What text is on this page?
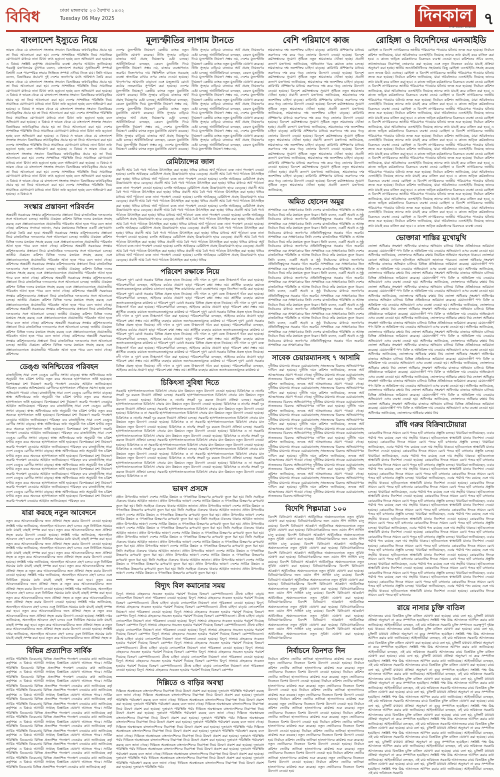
বিবিধ	ঢাকা মঙ্গলবার ২৩ বৈশাখ ১৪৩২
Tuesday 06 May 2025	দিনকাল
THE DAILY DINKAL ৭
বাংলাদেশ ইস্যুতে নিয়ে
ভারত থেকে যে বাংলাদেশ সংক্রান্ত সংবাদে বিভ্রান্তিকর তথ্যবিকৃতির প্রচার হয় তা নিয়ে আলোচনা করা হয়। দেশের সাম্প্রতিক পরিস্থিতি নিয়ে সামাজিক যোগাযোগ মাধ্যমে নানা মিথ্যা তথ্য ছড়ানো হচ্ছে বলে অভিযোগ করা হয়েছে। এ বিষয়ে সংশ্লিষ্ট কর্তৃপক্ষ প্রয়োজনীয় ব্যবস্থা গ্রহণের আহ্বান জানিয়েছে। পররাষ্ট্র মন্ত্রণালয়ের মুখপাত্র বলেন, বাংলাদেশ সবসময় সুপ্রতিবেশী সম্পর্কে বিশ্বাসী এবং পারস্পরিক শ্রদ্ধার ভিত্তিতে সম্পর্ক এগিয়ে নিতে চায়। তিনি আরও বলেন, বিভ্রান্তিকর প্রচারণা দুই দেশের জনগণের মধ্যে অবিশ্বাস তৈরি করে। ভারত থেকে যে বাংলাদেশ সংক্রান্ত সংবাদে বিভ্রান্তিকর তথ্যবিকৃতির প্রচার হয় তা নিয়ে আলোচনা করা হয়। দেশের সাম্প্রতিক পরিস্থিতি নিয়ে সামাজিক যোগাযোগ মাধ্যমে নানা মিথ্যা তথ্য ছড়ানো হচ্ছে বলে অভিযোগ করা হয়েছে। এ বিষয়ে স ভারত থেকে যে বাংলাদেশ সংক্রান্ত সংবাদে বিভ্রান্তিকর তথ্যবিকৃতির প্রচার হয় তা নিয়ে আলোচনা করা হয়। দেশের সাম্প্রতিক পরিস্থিতি নিয়ে সামাজিক যোগাযোগ মাধ্যমে নানা মিথ্যা তথ্য ছড়ানো হচ্ছে বলে অভিযোগ করা হয়েছে। এ বিষয়ে স ভারত থেকে যে বাংলাদেশ সংক্রান্ত সংবাদে বিভ্রান্তিকর তথ্যবিকৃতির প্রচার হয় তা নিয়ে আলোচনা করা হয়। দেশের সাম্প্রতিক পরিস্থিতি নিয়ে সামাজিক যোগাযোগ মাধ্যমে নানা মিথ্যা তথ্য ছড়ানো হচ্ছে বলে অভিযোগ করা হয়েছে। এ বিষয়ে স ভারত থেকে যে বাংলাদেশ সংক্রান্ত সংবাদে বিভ্রান্তিকর তথ্যবিকৃতির প্রচার হয় তা নিয়ে আলোচনা করা হয়। দেশের সাম্প্রতিক পরিস্থিতি নিয়ে সামাজিক যোগাযোগ মাধ্যমে নানা মিথ্যা তথ্য ছড়ানো হচ্ছে বলে অভিযোগ করা হয়েছে। এ বিষয়ে স ভারত থেকে যে বাংলাদেশ সংক্রান্ত সংবাদে বিভ্রান্তিকর তথ্যবিকৃতির প্রচার হয় তা নিয়ে আলোচনা করা হয়। দেশের সাম্প্রতিক পরিস্থিতি নিয়ে সামাজিক যোগাযোগ মাধ্যমে নানা মিথ্যা তথ্য ছড়ানো হচ্ছে বলে অভিযোগ করা হয়েছে। এ বিষয়ে স ভারত থেকে যে বাংলাদেশ সংক্রান্ত সংবাদে বিভ্রান্তিকর তথ্যবিকৃতির প্রচার হয় তা নিয়ে আলোচনা করা হয়। দেশের সাম্প্রতিক পরিস্থিতি নিয়ে সামাজিক যোগাযোগ মাধ্যমে নানা মিথ্যা তথ্য ছড়ানো হচ্ছে বলে অভিযোগ করা হয়েছে। এ বিষয়ে স ভারত থেকে যে বাংলাদেশ সংক্রান্ত সংবাদে বিভ্রান্তিকর তথ্যবিকৃতির প্রচার হয় তা নিয়ে আলোচনা করা হয়। দেশের সাম্প্রতিক পরিস্থিতি নিয়ে সামাজিক যোগাযোগ মাধ্যমে নানা মিথ্যা তথ্য ছড়ানো হচ্ছে বলে অভিযোগ করা হয়েছে। এ বিষয়ে স ভারত থেকে যে বাংলাদেশ সংক্রান্ত সংবাদে বিভ্রান্তিকর তথ্যবিকৃতির প্রচার হয় তা নিয়ে আলোচনা করা হয়। দেশের সাম্প্রতিক পরিস্থিতি নিয়ে সামাজিক যোগাযোগ মাধ্যমে নানা মিথ্যা তথ্য ছড়ানো হচ্ছে বলে অভিযোগ করা হয়েছে। এ বিষয়ে স
সংস্কার প্রস্তাবনা পরিবর্তন
অন্তর্বর্তী সরকারের সংস্কার কমিশনগুলোর প্রস্তাবনা নিয়ে রাজনৈতিক দলগুলোর সঙ্গে আলোচনা চলছে। জাতীয় ঐকমত্য কমিশন বিভিন্ন দলের মতামত সংগ্রহ করছে এবং প্রস্তাবনাগুলোতে প্রয়োজনীয় পরিবর্তন আনা হতে পারে বলে জানা গেছে। কমিশনের সদস্যরা জানান, সবার মতামতের ভিত্তিতে একটি গ্রহণযোগ্য কাঠামো তৈরি করা হবে। অন্তর্বর্তী সরকারের সংস্কার কমিশনগুলোর প্রস্তাবনা নিয়ে রাজনৈতিক দলগুলোর সঙ্গে আলোচনা চলছে। জাতীয় ঐকমত্য কমিশন বিভিন্ন দলের মতামত সংগ্রহ করছে এবং প্রস্তাবনাগুলোতে প্রয়োজনীয় পরিবর্তন আনা হতে পারে বলে জানা গেছে। কমিশনের অন্তর্বর্তী সরকারের সংস্কার কমিশনগুলোর প্রস্তাবনা নিয়ে রাজনৈতিক দলগুলোর সঙ্গে আলোচনা চলছে। জাতীয় ঐকমত্য কমিশন বিভিন্ন দলের মতামত সংগ্রহ করছে এবং প্রস্তাবনাগুলোতে প্রয়োজনীয় পরিবর্তন আনা হতে পারে বলে জানা গেছে। কমিশনের অন্তর্বর্তী সরকারের সংস্কার কমিশনগুলোর প্রস্তাবনা নিয়ে রাজনৈতিক দলগুলোর সঙ্গে আলোচনা চলছে। জাতীয় ঐকমত্য কমিশন বিভিন্ন দলের মতামত সংগ্রহ করছে এবং প্রস্তাবনাগুলোতে প্রয়োজনীয় পরিবর্তন আনা হতে পারে বলে জানা গেছে। কমিশনের অন্তর্বর্তী সরকারের সংস্কার কমিশনগুলোর প্রস্তাবনা নিয়ে রাজনৈতিক দলগুলোর সঙ্গে আলোচনা চলছে। জাতীয় ঐকমত্য কমিশন বিভিন্ন দলের মতামত সংগ্রহ করছে এবং প্রস্তাবনাগুলোতে প্রয়োজনীয় পরিবর্তন আনা হতে পারে বলে জানা গেছে। কমিশনের অন্তর্বর্তী সরকারের সংস্কার কমিশনগুলোর প্রস্তাবনা নিয়ে রাজনৈতিক দলগুলোর সঙ্গে আলোচনা চলছে। জাতীয় ঐকমত্য কমিশন বিভিন্ন দলের মতামত সংগ্রহ করছে এবং প্রস্তাবনাগুলোতে প্রয়োজনীয় পরিবর্তন আনা হতে পারে বলে জানা গেছে। কমিশনের অন্তর্বর্তী সরকারের সংস্কার কমিশনগুলোর প্রস্তাবনা নিয়ে রাজনৈতিক দলগুলোর সঙ্গে আলোচনা চলছে। জাতীয় ঐকমত্য কমিশন বিভিন্ন দলের মতামত সংগ্রহ করছে এবং প্রস্তাবনাগুলোতে প্রয়োজনীয় পরিবর্তন আনা হতে পারে বলে জানা গেছে। কমিশনের অন্তর্বর্তী সরকারের সংস্কার কমিশনগুলোর প্রস্তাবনা নিয়ে রাজনৈতিক দলগুলোর সঙ্গে আলোচনা চলছে। জাতীয় ঐকমত্য কমিশন বিভিন্ন দলের মতামত সংগ্রহ করছে এবং প্রস্তাবনাগুলোতে প্রয়োজনীয় পরিবর্তন আনা হতে পারে বলে জানা গেছে। কমিশনের অন্তর্বর্তী সরকারের সংস্কার কমিশনগুলোর প্রস্তাবনা নিয়ে রাজনৈতিক দলগুলোর সঙ্গে আলোচনা চলছে। জাতীয় ঐকমত্য কমিশন বিভিন্ন দলের মতামত সংগ্রহ করছে এবং প্রস্তাবনাগুলোতে প্রয়োজনীয় পরিবর্তন আনা হতে পারে বলে জানা গেছে। কমিশনের
ডেঙ্গু অনিশ্চিতের পরিবহন
রাজধানীসহ সারা দেশে ডেঙ্গু রোগীর সংখ্যা বাড়ছে। স্বাস্থ্য অধিদপ্তরের তথ্য অনুযায়ী গত চব্বিশ ঘণ্টায় নতুন করে অনেকে হাসপাতালে ভর্তি হয়েছেন। বিশেষজ্ঞরা মশা নিয়ন্ত্রণে জরুরি পদক্ষেপ নেওয়ার আহ্বান জানিয়েছেন। পরিবহন ব্যবস্থার অনিশ্চয়তায় রোগীদের হাসপাতালে পৌঁছাতে সমস্যা হচ্ছে বলে অভিযোগ পাওয়া গেছে। রাজধানীসহ সারা দেশে ডেঙ্গু রোগীর সংখ্যা বাড়ছে। স্বাস্থ্য অধিদপ্তরের তথ্য অনুযায়ী গত চব্বিশ ঘণ্টায় নতুন করে অনেকে হাসপাতালে ভর্তি হয়েছেন। বিশেষজ্ঞরা মশা নিয়ন্ত্রণে জরুরি পদক্ষেপ নেওয়ার আহ্বান জানিয়েছেন। পরিবহন ব্যব রাজধানীসহ সারা দেশে ডেঙ্গু রোগীর সংখ্যা বাড়ছে। স্বাস্থ্য অধিদপ্তরের তথ্য অনুযায়ী গত চব্বিশ ঘণ্টায় নতুন করে অনেকে হাসপাতালে ভর্তি হয়েছেন। বিশেষজ্ঞরা মশা নিয়ন্ত্রণে জরুরি পদক্ষেপ নেওয়ার আহ্বান জানিয়েছেন। পরিবহন ব্যব রাজধানীসহ সারা দেশে ডেঙ্গু রোগীর সংখ্যা বাড়ছে। স্বাস্থ্য অধিদপ্তরের তথ্য অনুযায়ী গত চব্বিশ ঘণ্টায় নতুন করে অনেকে হাসপাতালে ভর্তি হয়েছেন। বিশেষজ্ঞরা মশা নিয়ন্ত্রণে জরুরি পদক্ষেপ নেওয়ার আহ্বান জানিয়েছেন। পরিবহন ব্যব রাজধানীসহ সারা দেশে ডেঙ্গু রোগীর সংখ্যা বাড়ছে। স্বাস্থ্য অধিদপ্তরের তথ্য অনুযায়ী গত চব্বিশ ঘণ্টায় নতুন করে অনেকে হাসপাতালে ভর্তি হয়েছেন। বিশেষজ্ঞরা মশা নিয়ন্ত্রণে জরুরি পদক্ষেপ নেওয়ার আহ্বান জানিয়েছেন। পরিবহন ব্যব রাজধানীসহ সারা দেশে ডেঙ্গু রোগীর সংখ্যা বাড়ছে। স্বাস্থ্য অধিদপ্তরের তথ্য অনুযায়ী গত চব্বিশ ঘণ্টায় নতুন করে অনেকে হাসপাতালে ভর্তি হয়েছেন। বিশেষজ্ঞরা মশা নিয়ন্ত্রণে জরুরি পদক্ষেপ নেওয়ার আহ্বান জানিয়েছেন। পরিবহন ব্যব রাজধানীসহ সারা দেশে ডেঙ্গু রোগীর সংখ্যা বাড়ছে। স্বাস্থ্য অধিদপ্তরের তথ্য অনুযায়ী গত চব্বিশ ঘণ্টায় নতুন করে অনেকে হাসপাতালে ভর্তি হয়েছেন। বিশেষজ্ঞরা মশা নিয়ন্ত্রণে জরুরি পদক্ষেপ নেওয়ার আহ্বান জানিয়েছেন। পরিবহন ব্যব রাজধানীসহ সারা দেশে ডেঙ্গু রোগীর সংখ্যা বাড়ছে। স্বাস্থ্য অধিদপ্তরের তথ্য অনুযায়ী গত চব্বিশ ঘণ্টায় নতুন করে অনেকে হাসপাতালে ভর্তি হয়েছেন। বিশেষজ্ঞরা মশা নিয়ন্ত্রণে জরুরি পদক্ষেপ নেওয়ার আহ্বান জানিয়েছেন। পরিবহন ব্যব রাজধানীসহ সারা দেশে ডেঙ্গু রোগীর সংখ্যা বাড়ছে। স্বাস্থ্য অধিদপ্তরের তথ্য অনুযায়ী গত চব্বিশ ঘণ্টায় নতুন করে অনেকে হাসপাতালে ভর্তি হয়েছেন। বিশেষজ্ঞরা মশা নিয়ন্ত্রণে জরুরি পদক্ষেপ নেওয়ার আহ্বান জানিয়েছেন। পরিবহন ব্যব
যারা করছে নতুন আবেদনে
নতুন করে আবেদনকারীদের জন্য প্রক্রিয়া সহজ করার উদ্যোগ নেওয়া হয়েছে। সংশ্লিষ্ট দপ্তর জানিয়েছে, অনলাইনে আবেদন গ্রহণ চলবে এবং নির্ধারিত সময়ের মধ্যে যাচাই বাছাই সম্পন্ন করা হবে। নতুন করে আবেদনকারীদের জন্য প্রক্রিয়া সহজ করার উদ্যোগ নেওয়া হয়েছে। সংশ্লিষ্ট দপ্তর জানিয়েছে, অনলাইনে আবেদন গ্রহণ চলবে এবং নির্ধারিত সময়ের মধ্যে যাচাই বাছাই সম্পন্ন করা হবে। নতুন করে আবেদনকারীদের জন্য প্রক্রিয়া সহজ করার উদ্যোগ নেওয়া হয়েছে। সংশ্লিষ্ট দপ্তর জানিয়েছে, অনলাইনে আবেদন গ্রহণ চলবে এবং নির্ধারিত সময়ের মধ্যে যাচাই বাছাই সম্পন্ন করা হবে। নতুন করে আবেদনকারীদের জন্য প্রক্রিয়া সহজ ক নতুন করে আবেদনকারীদের জন্য প্রক্রিয়া সহজ করার উদ্যোগ নেওয়া হয়েছে। সংশ্লিষ্ট দপ্তর জানিয়েছে, অনলাইনে আবেদন গ্রহণ চলবে এবং নির্ধারিত সময়ের মধ্যে যাচাই বাছাই সম্পন্ন করা হবে। নতুন করে আবেদনকারীদের জন্য প্রক্রিয়া সহজ ক নতুন করে আবেদনকারীদের জন্য প্রক্রিয়া সহজ করার উদ্যোগ নেওয়া হয়েছে। সংশ্লিষ্ট দপ্তর জানিয়েছে, অনলাইনে আবেদন গ্রহণ চলবে এবং নির্ধারিত সময়ের মধ্যে যাচাই বাছাই সম্পন্ন করা হবে। নতুন করে আবেদনকারীদের জন্য প্রক্রিয়া সহজ ক নতুন করে আবেদনকারীদের জন্য প্রক্রিয়া সহজ করার উদ্যোগ নেওয়া হয়েছে। সংশ্লিষ্ট দপ্তর জানিয়েছে, অনলাইনে আবেদন গ্রহণ চলবে এবং নির্ধারিত সময়ের মধ্যে যাচাই বাছাই সম্পন্ন করা হবে। নতুন করে আবেদনকারীদের জন্য প্রক্রিয়া সহজ ক নতুন করে আবেদনকারীদের জন্য প্রক্রিয়া সহজ করার উদ্যোগ নেওয়া হয়েছে। সংশ্লিষ্ট দপ্তর জানিয়েছে, অনলাইনে আবেদন গ্রহণ চলবে এবং নির্ধারিত সময়ের মধ্যে যাচাই বাছাই সম্পন্ন করা হবে। নতুন করে আবেদনকারীদের জন্য প্রক্রিয়া সহজ ক নতুন করে আবেদনকারীদের জন্য প্রক্রিয়া সহজ করার উদ্যোগ নেওয়া হয়েছে। সংশ্লিষ্ট দপ্তর জানিয়েছে, অনলাইনে আবেদন গ্রহণ চলবে এবং নির্ধারিত সময়ের মধ্যে যাচাই বাছাই সম্পন্ন করা হবে। নতুন করে আবেদনকারীদের জন্য প্রক্রিয়া সহজ ক নতুন করে আবেদনকারীদের জন্য প্রক্রিয়া সহজ করার উদ্যোগ নেওয়া হয়েছে। সংশ্লিষ্ট দপ্তর জানিয়েছে, অনলাইনে আবেদন গ্রহণ চলবে এবং নির্ধারিত সময়ের মধ্যে যাচাই বাছাই সম্পন্ন করা হবে। নতুন করে আবেদনকারীদের জন্য প্রক্রিয়া সহজ ক
বিভিন্ন প্রত্যাশিত সার্বিক
সার্বিক পরিস্থিতি বিবেচনায় বিভিন্ন প্রত্যাশিত পদক্ষেপ নেওয়ার কথা জানিয়েছে কর্তৃপক্ষ। এ বিষয়ে আগামী সপ্তাহে বিস্তারিত ঘোষণা আসতে পারে। সার্বিক পরিস্থিতি বিবেচনায় বিভিন্ন প্রত্যাশিত পদক্ষেপ নেওয়ার কথা জানিয়েছে কর্তৃপক্ষ। এ বিষয়ে আগামী সপ্তাহে বিস্তারিত ঘোষণা আসতে পারে। সার্বিক পরিস্থিতি বিবেচনায় বিভিন্ন প্রত্যাশিত পদক্ষেপ নেওয়ার কথা জানিয়েছে কর্তৃপক্ষ। এ বিষয়ে আগামী সপ্তাহে বিস্তারিত ঘোষণা আসতে পারে। সার্বিক পরিস্থিতি বিবেচনায় বিভিন্ন প্রত্যাশিত পদক্ষেপ নেওয়ার কথা জানিয়েছে কর্তৃ সার্বিক পরিস্থিতি বিবেচনায় বিভিন্ন প্রত্যাশিত পদক্ষেপ নেওয়ার কথা জানিয়েছে কর্তৃপক্ষ। এ বিষয়ে আগামী সপ্তাহে বিস্তারিত ঘোষণা আসতে পারে। সার্বিক পরিস্থিতি বিবেচনায় বিভিন্ন প্রত্যাশিত পদক্ষেপ নেওয়ার কথা জানিয়েছে কর্তৃ সার্বিক পরিস্থিতি বিবেচনায় বিভিন্ন প্রত্যাশিত পদক্ষেপ নেওয়ার কথা জানিয়েছে কর্তৃপক্ষ। এ বিষয়ে আগামী সপ্তাহে বিস্তারিত ঘোষণা আসতে পারে। সার্বিক পরিস্থিতি বিবেচনায় বিভিন্ন প্রত্যাশিত পদক্ষেপ নেওয়ার কথা জানিয়েছে কর্তৃ সার্বিক পরিস্থিতি বিবেচনায় বিভিন্ন প্রত্যাশিত পদক্ষেপ নেওয়ার কথা জানিয়েছে কর্তৃপক্ষ। এ বিষয়ে আগামী সপ্তাহে বিস্তারিত ঘোষণা আসতে পারে। সার্বিক পরিস্থিতি বিবেচনায় বিভিন্ন প্রত্যাশিত পদক্ষেপ নেওয়ার কথা জানিয়েছে কর্তৃ সার্বিক পরিস্থিতি বিবেচনায় বিভিন্ন প্রত্যাশিত পদক্ষেপ নেওয়ার কথা জানিয়েছে কর্তৃপক্ষ। এ বিষয়ে আগামী সপ্তাহে বিস্তারিত ঘোষণা আসতে পারে। সার্বিক পরিস্থিতি বিবেচনায় বিভিন্ন প্রত্যাশিত পদক্ষেপ নেওয়ার কথা জানিয়েছে কর্তৃ সার্বিক পরিস্থিতি বিবেচনায় বিভিন্ন প্রত্যাশিত পদক্ষেপ নেওয়ার কথা জানিয়েছে কর্তৃপক্ষ। এ বিষয়ে আগামী সপ্তাহে বিস্তারিত ঘোষণা আসতে পারে। সার্বিক পরিস্থিতি বিবেচনায় বিভিন্ন প্রত্যাশিত পদক্ষেপ নেওয়ার কথা জানিয়েছে কর্তৃ সার্বিক পরিস্থিতি বিবেচনায় বিভিন্ন প্রত্যাশিত পদক্ষেপ নেওয়ার কথা জানিয়েছে কর্তৃপক্ষ। এ বিষয়ে আগামী সপ্তাহে বিস্তারিত ঘোষণা আসতে পারে। সার্বিক পরিস্থিতি বিবেচনায় বিভিন্ন প্রত্যাশিত পদক্ষেপ নেওয়ার কথা জানিয়েছে কর্তৃ
মূল্যস্ফীতির লাগাম টানতে
দেশের মূল্যস্ফীতি নিয়ন্ত্রণে কেন্দ্রীয় ব্যাংক নতুন মুদ্রানীতি ঘোষণা করেছে। নীতি সুদহার বাড়িয়ে বাজারে অর্থ প্রবাহ নিয়ন্ত্রণের চেষ্টা চলছে। অর্থনীতিবিদরা বলছেন, কেবল মুদ্রানীতি দিয়ে মূল্যস্ফীতি নিয়ন্ত্রণ সম্ভব নয়, বাজার ব্যবস্থাপনাও জরুরি। নিত্যপণ্যের দাম স্থিতিশীল রাখতে সরবরাহ ব্যবস্থা স্বাভাবিক রাখার ওপর জোর দেওয়া হয়েছে। খাদ্যপণ্যের আমদানি বাড়ানো এবং মজুতদারি রোধে কঠোর নজরদারির সুপারিশ করা হয়েছে। দেশের মূল্যস্ফীতি নিয়ন্ত্রণে কেন্দ্রীয় ব্যাংক নতুন মুদ্রানীতি ঘোষণা করেছে। নীতি সুদহার বাড়িয়ে বাজারে অর্থ প্রবাহ নিয়ন্ত্রণের চেষ্টা চলছে। অর্থনীতিবিদরা বলছেন, কেবল মুদ্রানীতি দিয়ে মূল্যস্ফীতি নিয়ন্ত্রণ সম্ভব নয়, দেশের মূল্যস্ফীতি নিয়ন্ত্রণে কেন্দ্রীয় ব্যাংক নতুন মুদ্রানীতি ঘোষণা করেছে। নীতি সুদহার বাড়িয়ে বাজারে অর্থ প্রবাহ নিয়ন্ত্রণের চেষ্টা চলছে। অর্থনীতিবিদরা বলছেন, কেবল মুদ্রানীতি দিয়ে মূল্যস্ফীতি নিয়ন্ত্রণ সম্ভব নয়, দেশের মূল্যস্ফীতি নিয়ন্ত্রণে কেন্দ্রীয় ব্যাংক নতুন মুদ্রানীতি ঘোষণা করেছে। নীতি সুদহার বাড়িয়ে বাজারে অর্থ প্রবাহ নিয়ন্ত্রণের চেষ্টা চলছে। অর্থনীতিবিদরা বলছেন, কেবল মুদ্রানীতি দিয়ে মূল্যস্ফীতি নিয়ন্ত্রণ সম্ভব নয়, দেশের মূল্যস্ফীতি নিয়ন্ত্রণে কেন্দ্রীয় ব্যাংক নতুন মুদ্রানীতি ঘোষণা করেছে। নীতি সুদহার বাড়িয়ে বাজারে অর্থ প্রবাহ নিয়ন্ত্রণের চেষ্টা চলছে। অর্থনীতিবিদরা বলছেন, কেবল মুদ্রানীতি দিয়ে মূল্যস্ফীতি নিয়ন্ত্রণ সম্ভব নয়, দেশের মূল্যস্ফীতি নিয়ন্ত্রণে কেন্দ্রীয় ব্যাংক নতুন মুদ্রানীতি ঘোষণা করেছে। নীতি সুদহার বাড়িয়ে বাজারে অর্থ প্রবাহ নিয়ন্ত্রণের চেষ্টা চলছে। অর্থনীতিবিদরা বলছেন, কেবল মুদ্রানীতি দিয়ে মূল্যস্ফীতি নিয়ন্ত্রণ সম্ভব নয়, দেশের মূল্যস্ফীতি নিয়ন্ত্রণে কেন্দ্রীয় ব্যাংক নতুন মুদ্রানীতি ঘোষণা করেছে। নীতি সুদহার বাড়িয়ে বাজারে অর্থ প্রবাহ নিয়ন্ত্রণের চেষ্টা চলছে। অর্থনীতিবিদরা বলছেন, কেবল মুদ্রানীতি দিয়ে মূল্যস্ফীতি নিয়ন্ত্রণ সম্ভব নয়, দেশের মূল্যস্ফীতি নিয়ন্ত্রণে কেন্দ্রীয় ব্যাংক নতুন মুদ্রানীতি ঘোষণা করেছে। নীতি সুদহার বাড়িয়ে বাজারে অর্থ প্রবাহ নিয়ন্ত্রণের চেষ্টা চলছে। অর্থনীতিবিদরা বলছেন, কেবল মুদ্রানীতি দিয়ে মূল্যস্ফীতি নিয়ন্ত্রণ সম্ভব নয়, দেশের মূল্যস্ফীতি নিয়ন্ত্রণে কেন্দ্রীয় ব্যাংক নতুন মুদ্রানীতি ঘোষণা করেছে। নীতি সুদহার বাড়িয়ে বাজারে অর্থ প্রবাহ নিয়ন্ত্রণের চেষ্টা চলছে। অর্থনীতিবিদরা বলছেন, কেবল মুদ্রানীতি দিয়ে মূল্যস্ফীতি নিয়ন্ত্রণ সম্ভব নয়, দেশের মূল্যস্ফীতি নিয়ন্ত্রণে কেন্দ্রীয় ব্যাংক নতুন মুদ্রানীতি ঘোষণা করেছে। নীতি সুদহার বাড়িয়ে বাজারে অর্থ প্রবাহ নিয়ন্ত্রণের চেষ্টা চলছে। অর্থনীতিবিদরা বলছেন, কেবল মুদ্রানীতি দিয়ে মূল্যস্ফীতি নিয়ন্ত্রণ সম্ভব নয়,
রেমিট্যান্সের জাল
প্রবাসী আয় বৈধ পথে পাঠাতে উৎসাহিত করা হচ্ছে। হুন্ডির মাধ্যমে অর্থ পাঠানো বন্ধে নানা পদক্ষেপ নেওয়া হয়েছে। চলতি অর্থবছরে রেমিট্যান্স প্রবাহ উল্লেখযোগ্য হারে বেড়েছে। প্রবাসী আয় বৈধ পথে পাঠাতে উৎসাহিত করা হচ্ছে। হুন্ডির মাধ্যমে অর্থ পাঠানো বন্ধে নানা পদক্ষেপ নেওয়া হয়েছে। চলতি অর্থবছরে রেমিট্যান্স প্রবাহ উল্লেখযোগ্য হারে বেড়েছে। প্রবাসী আয় বৈধ পথে পাঠাতে উৎসাহিত করা হচ্ছে। হুন্ডির মাধ্যমে অর্থ পাঠানো বন্ধে নানা পদক্ষেপ নেওয়া হয়েছে। চলতি অর্থবছরে রেমিট্যান্স প্রবাহ উল্লেখযোগ্য হারে বেড়েছে। প্রবাসী আয় বৈধ পথে পাঠাতে উৎসাহিত করা হচ্ছে। হুন্ডির প্রবাসী আয় বৈধ পথে পাঠাতে উৎসাহিত করা হচ্ছে। হুন্ডির মাধ্যমে অর্থ পাঠানো বন্ধে নানা পদক্ষেপ নেওয়া হয়েছে। চলতি অর্থবছরে রেমিট্যান্স প্রবাহ উল্লেখযোগ্য হারে বেড়েছে। প্রবাসী আয় বৈধ পথে পাঠাতে উৎসাহিত করা হচ্ছে। হুন্ডির প্রবাসী আয় বৈধ পথে পাঠাতে উৎসাহিত করা হচ্ছে। হুন্ডির মাধ্যমে অর্থ পাঠানো বন্ধে নানা পদক্ষেপ নেওয়া হয়েছে। চলতি অর্থবছরে রেমিট্যান্স প্রবাহ উল্লেখযোগ্য হারে বেড়েছে। প্রবাসী আয় বৈধ পথে পাঠাতে উৎসাহিত করা হচ্ছে। হুন্ডির প্রবাসী আয় বৈধ পথে পাঠাতে উৎসাহিত করা হচ্ছে। হুন্ডির মাধ্যমে অর্থ পাঠানো বন্ধে নানা পদক্ষেপ নেওয়া হয়েছে। চলতি অর্থবছরে রেমিট্যান্স প্রবাহ উল্লেখযোগ্য হারে বেড়েছে। প্রবাসী আয় বৈধ পথে পাঠাতে উৎসাহিত করা হচ্ছে। হুন্ডির প্রবাসী আয় বৈধ পথে পাঠাতে উৎসাহিত করা হচ্ছে। হুন্ডির মাধ্যমে অর্থ পাঠানো বন্ধে নানা পদক্ষেপ নেওয়া হয়েছে। চলতি অর্থবছরে রেমিট্যান্স প্রবাহ উল্লেখযোগ্য হারে বেড়েছে। প্রবাসী আয় বৈধ পথে পাঠাতে উৎসাহিত করা হচ্ছে। হুন্ডির প্রবাসী আয় বৈধ পথে পাঠাতে উৎসাহিত করা হচ্ছে। হুন্ডির মাধ্যমে অর্থ পাঠানো বন্ধে নানা পদক্ষেপ নেওয়া হয়েছে। চলতি অর্থবছরে রেমিট্যান্স প্রবাহ উল্লেখযোগ্য হারে বেড়েছে। প্রবাসী আয় বৈধ পথে পাঠাতে উৎসাহিত করা হচ্ছে। হুন্ডির প্রবাসী আয় বৈধ পথে পাঠাতে উৎসাহিত করা হচ্ছে। হুন্ডির মাধ্যমে অর্থ পাঠানো বন্ধে নানা পদক্ষেপ নেওয়া হয়েছে। চলতি অর্থবছরে রেমিট্যান্স প্রবাহ উল্লেখযোগ্য হারে বেড়েছে। প্রবাসী আয় বৈধ পথে পাঠাতে উৎসাহিত করা হচ্ছে। হুন্ডির প্রবাসী আয় বৈধ পথে পাঠাতে উৎসাহিত করা হচ্ছে। হুন্ডির মাধ্যমে অর্থ পাঠানো বন্ধে নানা পদক্ষেপ নেওয়া হয়েছে। চলতি অর্থবছরে রেমিট্যান্স প্রবাহ উল্লেখযোগ্য হারে বেড়েছে। প্রবাসী আয় বৈধ পথে পাঠাতে উৎসাহিত করা হচ্ছে। হুন্ডির
পরিবেশ রক্ষাকে নিয়ে
পরিবেশ দূষণ রোধে সরকার বিভিন্ন প্রকল্প হাতে নিয়েছে। নদী দখল ও দূষণ বন্ধে টাস্কফোর্স গঠন করা হয়েছে। পরিবেশবাদীরা বলছেন, আইনের কঠোর প্রয়োগ ছাড়া পরিবেশ রক্ষা সম্ভব নয়। প্লাস্টিক ব্যবহার কমাতে জনসচেতনতামূলক কার্যক্রম চালানো হচ্ছে। শিল্প কারখানার বর্জ্য ব্যবস্থাপনায় নতুন নির্দেশনা জারি করা হয়েছে। পরিবেশ দূষণ রোধে সরকার বিভিন্ন প্রকল্প হাতে নিয়েছে। নদী দখল ও দূষণ বন্ধে টাস্কফোর্স গঠন করা হয়েছে। পরিবেশবাদীরা বলছেন, আইনের কঠোর প্রয়োগ ছাড়া পরিবেশ রক্ষা সম্ভব নয়। প্লাস্টিক ব্যবহার কমাতে জনসচেতনতামূলক কার্যক্রম চা পরিবেশ দূষণ রোধে সরকার বিভিন্ন প্রকল্প হাতে নিয়েছে। নদী দখল ও দূষণ বন্ধে টাস্কফোর্স গঠন করা হয়েছে। পরিবেশবাদীরা বলছেন, আইনের কঠোর প্রয়োগ ছাড়া পরিবেশ রক্ষা সম্ভব নয়। প্লাস্টিক ব্যবহার কমাতে জনসচেতনতামূলক কার্যক্রম চা পরিবেশ দূষণ রোধে সরকার বিভিন্ন প্রকল্প হাতে নিয়েছে। নদী দখল ও দূষণ বন্ধে টাস্কফোর্স গঠন করা হয়েছে। পরিবেশবাদীরা বলছেন, আইনের কঠোর প্রয়োগ ছাড়া পরিবেশ রক্ষা সম্ভব নয়। প্লাস্টিক ব্যবহার কমাতে জনসচেতনতামূলক কার্যক্রম চা পরিবেশ দূষণ রোধে সরকার বিভিন্ন প্রকল্প হাতে নিয়েছে। নদী দখল ও দূষণ বন্ধে টাস্কফোর্স গঠন করা হয়েছে। পরিবেশবাদীরা বলছেন, আইনের কঠোর প্রয়োগ ছাড়া পরিবেশ রক্ষা সম্ভব নয়। প্লাস্টিক ব্যবহার কমাতে জনসচেতনতামূলক কার্যক্রম চা পরিবেশ দূষণ রোধে সরকার বিভিন্ন প্রকল্প হাতে নিয়েছে। নদী দখল ও দূষণ বন্ধে টাস্কফোর্স গঠন করা হয়েছে। পরিবেশবাদীরা বলছেন, আইনের কঠোর প্রয়োগ ছাড়া পরিবেশ রক্ষা সম্ভব নয়। প্লাস্টিক ব্যবহার কমাতে জনসচেতনতামূলক কার্যক্রম চা পরিবেশ দূষণ রোধে সরকার বিভিন্ন প্রকল্প হাতে নিয়েছে। নদী দখল ও দূষণ বন্ধে টাস্কফোর্স গঠন করা হয়েছে। পরিবেশবাদীরা বলছেন, আইনের কঠোর প্রয়োগ ছাড়া পরিবেশ রক্ষা সম্ভব নয়। প্লাস্টিক ব্যবহার কমাতে জনসচেতনতামূলক কার্যক্রম চা পরিবেশ দূষণ রোধে সরকার বিভিন্ন প্রকল্প হাতে নিয়েছে। নদী দখল ও দূষণ বন্ধে টাস্কফোর্স গঠন করা হয়েছে। পরিবেশবাদীরা বলছেন, আইনের কঠোর প্রয়োগ ছাড়া পরিবেশ রক্ষা সম্ভব নয়। প্লাস্টিক ব্যবহার কমাতে জনসচেতনতামূলক কার্যক্রম চা পরিবেশ দূষণ রোধে সরকার বিভিন্ন প্রকল্প হাতে নিয়েছে। নদী দখল ও দূষণ বন্ধে টাস্কফোর্স গঠন করা হয়েছে। পরিবেশবাদীরা বলছেন, আইনের কঠোর প্রয়োগ ছাড়া পরিবেশ রক্ষা সম্ভব নয়। প্লাস্টিক ব্যবহার কমাতে জনসচেতনতামূলক কার্যক্রম চা
চিকিৎসা সুবিধা দিতে
সরকারি হাসপাতালগুলোতে চিকিৎসা সেবার মান উন্নয়নে নতুন উদ্যোগ নেওয়া হয়েছে। চিকিৎসক ও নার্সের সংকট দূর করতে নিয়োগ প্রক্রিয়া চলছে। সরকারি হাসপাতালগুলোতে চিকিৎসা সেবার মান উন্নয়নে নতুন উদ্যোগ নেওয়া হয়েছে। চিকিৎসক ও নার্সের সংকট দূর করতে নিয়োগ প্রক্রিয়া চলছে। সরকারি হাসপাতালগুলোতে চিকিৎসা সেবার মান উন্নয়নে নতুন উদ্যোগ নেওয়া হয়েছে। চিকিৎসক ও নার্সের সংকট দূর করতে নিয়োগ প্রক্রিয়া চলছে। সরকারি হাসপাতালগুলোতে চিকিৎসা সেবার মান উন্নয়নে নতুন উদ্যোগ নেওয়া হয়েছে। চিকিৎসক ও না সরকারি হাসপাতালগুলোতে চিকিৎসা সেবার মান উন্নয়নে নতুন উদ্যোগ নেওয়া হয়েছে। চিকিৎসক ও নার্সের সংকট দূর করতে নিয়োগ প্রক্রিয়া চলছে। সরকারি হাসপাতালগুলোতে চিকিৎসা সেবার মান উন্নয়নে নতুন উদ্যোগ নেওয়া হয়েছে। চিকিৎসক ও না সরকারি হাসপাতালগুলোতে চিকিৎসা সেবার মান উন্নয়নে নতুন উদ্যোগ নেওয়া হয়েছে। চিকিৎসক ও নার্সের সংকট দূর করতে নিয়োগ প্রক্রিয়া চলছে। সরকারি হাসপাতালগুলোতে চিকিৎসা সেবার মান উন্নয়নে নতুন উদ্যোগ নেওয়া হয়েছে। চিকিৎসক ও না সরকারি হাসপাতালগুলোতে চিকিৎসা সেবার মান উন্নয়নে নতুন উদ্যোগ নেওয়া হয়েছে। চিকিৎসক ও নার্সের সংকট দূর করতে নিয়োগ প্রক্রিয়া চলছে। সরকারি হাসপাতালগুলোতে চিকিৎসা সেবার মান উন্নয়নে নতুন উদ্যোগ নেওয়া হয়েছে। চিকিৎসক ও না সরকারি হাসপাতালগুলোতে চিকিৎসা সেবার মান উন্নয়নে নতুন উদ্যোগ নেওয়া হয়েছে। চিকিৎসক ও নার্সের সংকট দূর করতে নিয়োগ প্রক্রিয়া চলছে। সরকারি হাসপাতালগুলোতে চিকিৎসা সেবার মান উন্নয়নে নতুন উদ্যোগ নেওয়া হয়েছে। চিকিৎসক ও না সরকারি হাসপাতালগুলোতে চিকিৎসা সেবার মান উন্নয়নে নতুন উদ্যোগ নেওয়া হয়েছে। চিকিৎসক ও নার্সের সংকট দূর করতে নিয়োগ প্রক্রিয়া চলছে। সরকারি হাসপাতালগুলোতে চিকিৎসা সেবার মান উন্নয়নে নতুন উদ্যোগ নেওয়া হয়েছে। চিকিৎসক ও না সরকারি হাসপাতালগুলোতে চিকিৎসা সেবার মান উন্নয়নে নতুন উদ্যোগ নেওয়া হয়েছে। চিকিৎসক ও নার্সের সংকট দূর করতে নিয়োগ প্রক্রিয়া চলছে। সরকারি হাসপাতালগুলোতে চিকিৎসা সেবার মান উন্নয়নে নতুন উদ্যোগ নেওয়া হয়েছে। চিকিৎসক ও না
ভাষণ প্রসঙ্গে
প্রধান উপদেষ্টার ভাষণে দেশের সার্বিক উন্নয়ন ও গণতান্ত্রিক উত্তরণের রূপরেখা তুলে ধরা হয়। তিনি সবাইকে ঐক্যবদ্ধ থাকার আহ্বান জানান। প্রধান উপদেষ্টার ভাষণে দেশের সার্বিক উন্নয়ন ও গণতান্ত্রিক উত্তরণের রূপরেখা তুলে ধরা হয়। তিনি সবাইকে ঐক্যবদ্ধ থাকার আহ্বান জানান। প্রধান উপদেষ্টার ভাষণে দেশের সার্বিক উন্নয়ন ও গণতান্ত্রিক উত্তরণের রূপরেখা তুলে ধরা হয়। তিনি সবাইকে ঐক্যবদ্ধ থাকার আহ্বান জানান। প্রধান উপদেষ্টার ভাষণে দেশের সার্বিক উন্নয়ন ও গণতান্ত্রিক উত্তরণের রূপরেখা তুলে ধরা হয়। প্রধান উপদেষ্টার ভাষণে দেশের সার্বিক উন্নয়ন ও গণতান্ত্রিক উত্তরণের রূপরেখা তুলে ধরা হয়। তিনি সবাইকে ঐক্যবদ্ধ থাকার আহ্বান জানান। প্রধান উপদেষ্টার ভাষণে দেশের সার্বিক উন্নয়ন ও গণতান্ত্রিক উত্তরণের রূপরেখা তুলে ধরা হয়। প্রধান উপদেষ্টার ভাষণে দেশের সার্বিক উন্নয়ন ও গণতান্ত্রিক উত্তরণের রূপরেখা তুলে ধরা হয়। তিনি সবাইকে ঐক্যবদ্ধ থাকার আহ্বান জানান। প্রধান উপদেষ্টার ভাষণে দেশের সার্বিক উন্নয়ন ও গণতান্ত্রিক উত্তরণের রূপরেখা তুলে ধরা হয়। প্রধান উপদেষ্টার ভাষণে দেশের সার্বিক উন্নয়ন ও গণতান্ত্রিক উত্তরণের রূপরেখা তুলে ধরা হয়। তিনি সবাইকে ঐক্যবদ্ধ থাকার আহ্বান জানান। প্রধান উপদেষ্টার ভাষণে দেশের সার্বিক উন্নয়ন ও গণতান্ত্রিক উত্তরণের রূপরেখা তুলে ধরা হয়। প্রধান উপদেষ্টার ভাষণে দেশের সার্বিক উন্নয়ন ও গণতান্ত্রিক উত্তরণের রূপরেখা তুলে ধরা হয়। তিনি সবাইকে ঐক্যবদ্ধ থাকার আহ্বান জানান। প্রধান উপদেষ্টার ভাষণে দেশের সার্বিক উন্নয়ন ও গণতান্ত্রিক উত্তরণের রূপরেখা তুলে ধরা হয়। প্রধান উপদেষ্টার ভাষণে দেশের সার্বিক উন্নয়ন ও গণতান্ত্রিক উত্তরণের রূপরেখা তুলে ধরা হয়। তিনি সবাইকে ঐক্যবদ্ধ থাকার আহ্বান জানান। প্রধান উপদেষ্টার ভাষণে দেশের সার্বিক উন্নয়ন ও গণতান্ত্রিক উত্তরণের রূপরেখা তুলে ধরা হয়। প্রধান উপদেষ্টার ভাষণে দেশের সার্বিক উন্নয়ন ও গণতান্ত্রিক উত্তরণের রূপরেখা তুলে ধরা হয়। তিনি সবাইকে ঐক্যবদ্ধ থাকার আহ্বান জানান। প্রধান উপদেষ্টার ভাষণে দেশের সার্বিক উন্নয়ন ও গণতান্ত্রিক উত্তরণের রূপরেখা তুলে ধরা হয়।
বিদ্যুৎ বিল কমানোর সময়
বিদ্যুৎ সাশ্রয়ে গ্রাহকদের সচেতন হওয়ার পরামর্শ দিয়েছে বিতরণ কোম্পানিগুলো। গ্রীষ্মে চাহিদা বাড়ায় লোডশেডিং নিয়ন্ত্রণে নানা পরিকল্পনা নেওয়া হয়েছে। বিদ্যুৎ সাশ্রয়ে গ্রাহকদের সচেতন হওয়ার পরামর্শ দিয়েছে বিতরণ কোম্পানিগুলো। গ্রীষ্মে চাহিদা বাড়ায় লোডশেডিং নিয়ন্ত্রণে নানা পরিকল্পনা নেওয়া হয়েছে। বিদ্যুৎ সাশ্রয়ে গ্রাহকদের সচেতন হওয়ার পরামর্শ দিয়েছে বিতরণ কোম্পানিগুলো। গ্রীষ্মে চাহিদা বাড়ায় লোডশেডিং নিয়ন্ত্রণে নানা পরিকল্পনা নেওয়া হয়েছে। বিদ্যুৎ সাশ্রয়ে গ্রাহকদের সচেতন হওয়ার পরামর্শ দিয়েছে বিতরণ কোম্পান বিদ্যুৎ সাশ্রয়ে গ্রাহকদের সচেতন হওয়ার পরামর্শ দিয়েছে বিতরণ কোম্পানিগুলো। গ্রীষ্মে চাহিদা বাড়ায় লোডশেডিং নিয়ন্ত্রণে নানা পরিকল্পনা নেওয়া হয়েছে। বিদ্যুৎ সাশ্রয়ে গ্রাহকদের সচেতন হওয়ার পরামর্শ দিয়েছে বিতরণ কোম্পান বিদ্যুৎ সাশ্রয়ে গ্রাহকদের সচেতন হওয়ার পরামর্শ দিয়েছে বিতরণ কোম্পানিগুলো। গ্রীষ্মে চাহিদা বাড়ায় লোডশেডিং নিয়ন্ত্রণে নানা পরিকল্পনা নেওয়া হয়েছে। বিদ্যুৎ সাশ্রয়ে গ্রাহকদের সচেতন হওয়ার পরামর্শ দিয়েছে বিতরণ কোম্পান বিদ্যুৎ সাশ্রয়ে গ্রাহকদের সচেতন হওয়ার পরামর্শ দিয়েছে বিতরণ কোম্পানিগুলো। গ্রীষ্মে চাহিদা বাড়ায় লোডশেডিং নিয়ন্ত্রণে নানা পরিকল্পনা নেওয়া হয়েছে। বিদ্যুৎ সাশ্রয়ে গ্রাহকদের সচেতন হওয়ার পরামর্শ দিয়েছে বিতরণ কোম্পান বিদ্যুৎ সাশ্রয়ে গ্রাহকদের সচেতন হওয়ার পরামর্শ দিয়েছে বিতরণ কোম্পানিগুলো। গ্রীষ্মে চাহিদা বাড়ায় লোডশেডিং নিয়ন্ত্রণে নানা পরিকল্পনা নেওয়া হয়েছে। বিদ্যুৎ সাশ্রয়ে গ্রাহকদের সচেতন হওয়ার পরামর্শ দিয়েছে বিতরণ কোম্পান বিদ্যুৎ সাশ্রয়ে গ্রাহকদের সচেতন হওয়ার পরামর্শ দিয়েছে বিতরণ কোম্পানিগুলো। গ্রীষ্মে চাহিদা বাড়ায় লোডশেডিং নিয়ন্ত্রণে নানা পরিকল্পনা নেওয়া হয়েছে। বিদ্যুৎ সাশ্রয়ে গ্রাহকদের সচেতন হওয়ার পরামর্শ দিয়েছে বিতরণ কোম্পান বিদ্যুৎ সাশ্রয়ে গ্রাহকদের সচেতন হওয়ার পরামর্শ দিয়েছে বিতরণ কোম্পানিগুলো। গ্রীষ্মে চাহিদা বাড়ায় লোডশেডিং নিয়ন্ত্রণে নানা পরিকল্পনা নেওয়া হয়েছে। বিদ্যুৎ সাশ্রয়ে গ্রাহকদের সচেতন হওয়ার পরামর্শ দিয়েছে বিতরণ কোম্পান
দিল্লিতে ও বাড়ির অবস্থা
দিল্লিতে অবস্থানরত বাংলাদেশিদের নিরাপত্তা নিয়ে উদ্বেগ প্রকাশ করা হয়েছে। দূতাবাস পরিস্থিতি পর্যবেক্ষণ করছে বলে জানা গেছে। দিল্লিতে অবস্থানরত বাংলাদেশিদের নিরাপত্তা নিয়ে উদ্বেগ প্রকাশ করা হয়েছে। দূতাবাস পরিস্থিতি পর্যবেক্ষণ করছে বলে জানা গেছে। দিল্লিতে অবস্থানরত বাংলাদেশিদের নিরাপত্তা নিয়ে উদ্বেগ প্রকাশ করা হয়েছে। দূতাবাস পরিস্থিতি পর্যবেক্ষণ করছে বলে জানা গেছে। দিল্লিতে অবস্থানরত বাংলাদেশিদের নিরাপত্তা নিয়ে উদ্বেগ প্রকাশ করা হয়েছে। দূতাবাস পরিস্থিতি পর্যব দিল্লিতে অবস্থানরত বাংলাদেশিদের নিরাপত্তা নিয়ে উদ্বেগ প্রকাশ করা হয়েছে। দূতাবাস পরিস্থিতি পর্যবেক্ষণ করছে বলে জানা গেছে। দিল্লিতে অবস্থানরত বাংলাদেশিদের নিরাপত্তা নিয়ে উদ্বেগ প্রকাশ করা হয়েছে। দূতাবাস পরিস্থিতি পর্যব দিল্লিতে অবস্থানরত বাংলাদেশিদের নিরাপত্তা নিয়ে উদ্বেগ প্রকাশ করা হয়েছে। দূতাবাস পরিস্থিতি পর্যবেক্ষণ করছে বলে জানা গেছে। দিল্লিতে অবস্থানরত বাংলাদেশিদের নিরাপত্তা নিয়ে উদ্বেগ প্রকাশ করা হয়েছে। দূতাবাস পরিস্থিতি পর্যব দিল্লিতে অবস্থানরত বাংলাদেশিদের নিরাপত্তা নিয়ে উদ্বেগ প্রকাশ করা হয়েছে। দূতাবাস পরিস্থিতি পর্যবেক্ষণ করছে বলে জানা গেছে। দিল্লিতে অবস্থানরত বাংলাদেশিদের নিরাপত্তা নিয়ে উদ্বেগ প্রকাশ করা হয়েছে। দূতাবাস পরিস্থিতি পর্যব দিল্লিতে অবস্থানরত বাংলাদেশিদের নিরাপত্তা নিয়ে উদ্বেগ প্রকাশ করা হয়েছে। দূতাবাস পরিস্থিতি পর্যবেক্ষণ করছে বলে জানা গেছে। দিল্লিতে অবস্থানরত বাংলাদেশিদের নিরাপত্তা নিয়ে উদ্বেগ প্রকাশ করা হয়েছে। দূতাবাস পরিস্থিতি পর্যব দিল্লিতে অবস্থানরত বাংলাদেশিদের নিরাপত্তা নিয়ে উদ্বেগ প্রকাশ করা হয়েছে। দূতাবাস পরিস্থিতি পর্যবেক্ষণ করছে বলে জানা গেছে। দিল্লিতে অবস্থানরত বাংলাদেশিদের নিরাপত্তা নিয়ে উদ্বেগ প্রকাশ করা হয়েছে। দূতাবাস পরিস্থিতি পর্যব দিল্লিতে অবস্থানরত বাংলাদেশিদের নিরাপত্তা নিয়ে উদ্বেগ প্রকাশ করা হয়েছে। দূতাবাস পরিস্থিতি পর্যবেক্ষণ করছে বলে জানা গেছে। দিল্লিতে অবস্থানরত বাংলাদেশিদের নিরাপত্তা নিয়ে উদ্বেগ প্রকাশ করা হয়েছে। দূতাবাস পরিস্থিতি পর্যব
বেশি পরিমাণে কাজ
শ্রমবাজারে দক্ষ জনশক্তির চাহিদা বাড়ছে। কারিগরি প্রশিক্ষণের মাধ্যমে তরুণদের দক্ষ করে গড়ে তোলার উদ্যোগ নেওয়া হয়েছে। বিদেশে কর্মসংস্থানের সুযোগ সৃষ্টিতে নতুন শ্রমবাজার খোঁজা হচ্ছে। প্রবাসী কল্যাণ মন্ত্রণালয় জানিয়েছে, অভিবাসন খরচ কমাতে কাজ চলছে। শ্রমবাজারে দক্ষ জনশক্তির চাহিদা বাড়ছে। কারিগরি প্রশিক্ষণের মাধ্যমে তরুণদের দক্ষ করে গড়ে তোলার উদ্যোগ নেওয়া হয়েছে। বিদেশে কর্মসংস্থানের সুযোগ সৃষ্টিতে নতুন শ্রমবাজার খোঁজা হচ্ছে। প্রবাসী কল্যাণ মন্ত্রণালয় জানিয়েছে, শ্রমবাজারে দক্ষ জনশক্তির চাহিদা বাড়ছে। কারিগরি প্রশিক্ষণের মাধ্যমে তরুণদের দক্ষ করে গড়ে তোলার উদ্যোগ নেওয়া হয়েছে। বিদেশে কর্মসংস্থানের সুযোগ সৃষ্টিতে নতুন শ্রমবাজার খোঁজা হচ্ছে। প্রবাসী কল্যাণ মন্ত্রণালয় জানিয়েছে, শ্রমবাজারে দক্ষ জনশক্তির চাহিদা বাড়ছে। কারিগরি প্রশিক্ষণের মাধ্যমে তরুণদের দক্ষ করে গড়ে তোলার উদ্যোগ নেওয়া হয়েছে। বিদেশে কর্মসংস্থানের সুযোগ সৃষ্টিতে নতুন শ্রমবাজার খোঁজা হচ্ছে। প্রবাসী কল্যাণ মন্ত্রণালয় জানিয়েছে, শ্রমবাজারে দক্ষ জনশক্তির চাহিদা বাড়ছে। কারিগরি প্রশিক্ষণের মাধ্যমে তরুণদের দক্ষ করে গড়ে তোলার উদ্যোগ নেওয়া হয়েছে। বিদেশে কর্মসংস্থানের সুযোগ সৃষ্টিতে নতুন শ্রমবাজার খোঁজা হচ্ছে। প্রবাসী কল্যাণ মন্ত্রণালয় জানিয়েছে, শ্রমবাজারে দক্ষ জনশক্তির চাহিদা বাড়ছে। কারিগরি প্রশিক্ষণের মাধ্যমে তরুণদের দক্ষ করে গড়ে তোলার উদ্যোগ নেওয়া হয়েছে। বিদেশে কর্মসংস্থানের সুযোগ সৃষ্টিতে নতুন শ্রমবাজার খোঁজা হচ্ছে। প্রবাসী কল্যাণ মন্ত্রণালয় জানিয়েছে, শ্রমবাজারে দক্ষ জনশক্তির চাহিদা বাড়ছে। কারিগরি প্রশিক্ষণের মাধ্যমে তরুণদের দক্ষ করে গড়ে তোলার উদ্যোগ নেওয়া হয়েছে। বিদেশে কর্মসংস্থানের সুযোগ সৃষ্টিতে নতুন শ্রমবাজার খোঁজা হচ্ছে। প্রবাসী কল্যাণ মন্ত্রণালয় জানিয়েছে, শ্রমবাজারে দক্ষ জনশক্তির চাহিদা বাড়ছে। কারিগরি প্রশিক্ষণের মাধ্যমে তরুণদের দক্ষ করে গড়ে তোলার উদ্যোগ নেওয়া হয়েছে। বিদেশে কর্মসংস্থানের সুযোগ সৃষ্টিতে নতুন শ্রমবাজার খোঁজা হচ্ছে। প্রবাসী কল্যাণ মন্ত্রণালয় জানিয়েছে, শ্রমবাজারে দক্ষ জনশক্তির চাহিদা বাড়ছে। কারিগরি প্রশিক্ষণের মাধ্যমে তরুণদের দক্ষ করে গড়ে তোলার উদ্যোগ নেওয়া হয়েছে। বিদেশে কর্মসংস্থানের সুযোগ সৃষ্টিতে নতুন শ্রমবাজার খোঁজা হচ্ছে। প্রবাসী কল্যাণ মন্ত্রণালয় জানিয়েছে,
অমিত হোসেন অমুর
সাম্প্রতিক এক সাক্ষাৎকারে তিনি দেশের রাজনৈতিক পরিস্থিতি ও আসন্ন নির্বাচন নিয়ে তাঁর মতামত তুলে ধরেন। তিনি বলেন, একটি অবাধ ও সুষ্ঠু নির্বাচনের মাধ্যমে জনগণের প্রতিনিধিত্বমূলক সরকার গঠন জরুরি। সাম্প্রতিক এক সাক্ষাৎকারে তিনি দেশের রাজনৈতিক পরিস্থিতি ও আসন্ন নির্বাচন নিয়ে তাঁর মতামত তুলে ধরেন। তিনি বলেন, একটি অবাধ ও সুষ্ঠু নির্বাচনের মাধ্যমে জনগণের প্রতিনিধিত্বমূলক সরকার গঠন জরুরি। সাম্প্রতিক এক সাক্ষাৎকারে তিনি দেশের রাজনৈতিক পরিস্থিতি ও আসন্ন নির্বাচন নিয়ে তাঁর মতামত তুলে ধরেন। তিনি বলেন, একটি অবাধ ও সুষ্ঠু নির্বাচনের মাধ্যমে জনগণের প্রতিনিধিত্বমূলক সরকার গঠন জরুরি। সাম্প্রতিক এক সাক্ষাৎকারে তিন সাম্প্রতিক এক সাক্ষাৎকারে তিনি দেশের রাজনৈতিক পরিস্থিতি ও আসন্ন নির্বাচন নিয়ে তাঁর মতামত তুলে ধরেন। তিনি বলেন, একটি অবাধ ও সুষ্ঠু নির্বাচনের মাধ্যমে জনগণের প্রতিনিধিত্বমূলক সরকার গঠন জরুরি। সাম্প্রতিক এক সাক্ষাৎকারে তিন সাম্প্রতিক এক সাক্ষাৎকারে তিনি দেশের রাজনৈতিক পরিস্থিতি ও আসন্ন নির্বাচন নিয়ে তাঁর মতামত তুলে ধরেন। তিনি বলেন, একটি অবাধ ও সুষ্ঠু নির্বাচনের মাধ্যমে জনগণের প্রতিনিধিত্বমূলক সরকার গঠন জরুরি। সাম্প্রতিক এক সাক্ষাৎকারে তিন সাম্প্রতিক এক সাক্ষাৎকারে তিনি দেশের রাজনৈতিক পরিস্থিতি ও আসন্ন নির্বাচন নিয়ে তাঁর মতামত তুলে ধরেন। তিনি বলেন, একটি অবাধ ও সুষ্ঠু নির্বাচনের মাধ্যমে জনগণের প্রতিনিধিত্বমূলক সরকার গঠন জরুরি। সাম্প্রতিক এক সাক্ষাৎকারে তিন সাম্প্রতিক এক সাক্ষাৎকারে তিনি দেশের রাজনৈতিক পরিস্থিতি ও আসন্ন নির্বাচন নিয়ে তাঁর মতামত তুলে ধরেন। তিনি বলেন, একটি অবাধ ও সুষ্ঠু নির্বাচনের মাধ্যমে জনগণের প্রতিনিধিত্বমূলক সরকার গঠন জরুরি। সাম্প্রতিক এক সাক্ষাৎকারে তিন সাম্প্রতিক এক সাক্ষাৎকারে তিনি দেশের রাজনৈতিক পরিস্থিতি ও আসন্ন নির্বাচন নিয়ে তাঁর মতামত তুলে ধরেন। তিনি বলেন, একটি অবাধ ও সুষ্ঠু নির্বাচনের মাধ্যমে জনগণের প্রতিনিধিত্বমূলক সরকার গঠন জরুরি। সাম্প্রতিক এক সাক্ষাৎকারে তিন সাম্প্রতিক এক সাক্ষাৎকারে তিনি দেশের রাজনৈতিক পরিস্থিতি ও আসন্ন নির্বাচন নিয়ে তাঁর মতামত তুলে ধরেন। তিনি বলেন, একটি অবাধ ও সুষ্ঠু নির্বাচনের মাধ্যমে জনগণের প্রতিনিধিত্বমূলক সরকার গঠন জরুরি। সাম্প্রতিক এক সাক্ষাৎকারে তিন
সাবেক চেয়ারম্যানসহ ৭ আসামি
দুর্নীতির মামলায় সাবেক চেয়ারম্যানসহ সাতজনের বিরুদ্ধে অভিযোগপত্র দাখিল করা হয়েছে। দুর্নীতি দমন কমিশন জানিয়েছে, তদন্তে অর্থ আত্মসাতের প্রমাণ পাওয়া গেছে। দুর্নীতির মামলায় সাবেক চেয়ারম্যানসহ সাতজনের বিরুদ্ধে অভিযোগপত্র দাখিল করা হয়েছে। দুর্নীতি দমন কমিশন জানিয়েছে, তদন্তে অর্থ আত্মসাতের প্রমাণ পাওয়া গেছে। দুর্নীতির মামলায় সাবেক চেয়ারম্যানসহ সাতজনের বিরুদ্ধে অভিযোগপত্র দাখিল করা হয়েছে। দুর্নীতি দমন কমিশন জানিয়েছে, তদন্তে অর্থ আত্মসাতের প্রমাণ পাওয়া গেছে। দুর্নীতির মামলায় সাবেক চেয়ারম্যানসহ সাতজনের বিরুদ্ধে অভিযোগপত্ দুর্নীতির মামলায় সাবেক চেয়ারম্যানসহ সাতজনের বিরুদ্ধে অভিযোগপত্র দাখিল করা হয়েছে। দুর্নীতি দমন কমিশন জানিয়েছে, তদন্তে অর্থ আত্মসাতের প্রমাণ পাওয়া গেছে। দুর্নীতির মামলায় সাবেক চেয়ারম্যানসহ সাতজনের বিরুদ্ধে অভিযোগপত্ দুর্নীতির মামলায় সাবেক চেয়ারম্যানসহ সাতজনের বিরুদ্ধে অভিযোগপত্র দাখিল করা হয়েছে। দুর্নীতি দমন কমিশন জানিয়েছে, তদন্তে অর্থ আত্মসাতের প্রমাণ পাওয়া গেছে। দুর্নীতির মামলায় সাবেক চেয়ারম্যানসহ সাতজনের বিরুদ্ধে অভিযোগপত্ দুর্নীতির মামলায় সাবেক চেয়ারম্যানসহ সাতজনের বিরুদ্ধে অভিযোগপত্র দাখিল করা হয়েছে। দুর্নীতি দমন কমিশন জানিয়েছে, তদন্তে অর্থ আত্মসাতের প্রমাণ পাওয়া গেছে। দুর্নীতির মামলায় সাবেক চেয়ারম্যানসহ সাতজনের বিরুদ্ধে অভিযোগপত্ দুর্নীতির মামলায় সাবেক চেয়ারম্যানসহ সাতজনের বিরুদ্ধে অভিযোগপত্র দাখিল করা হয়েছে। দুর্নীতি দমন কমিশন জানিয়েছে, তদন্তে অর্থ আত্মসাতের প্রমাণ পাওয়া গেছে। দুর্নীতির মামলায় সাবেক চেয়ারম্যানসহ সাতজনের বিরুদ্ধে অভিযোগপত্ দুর্নীতির মামলায় সাবেক চেয়ারম্যানসহ সাতজনের বিরুদ্ধে অভিযোগপত্র দাখিল করা হয়েছে। দুর্নীতি দমন কমিশন জানিয়েছে, তদন্তে অর্থ আত্মসাতের প্রমাণ পাওয়া গেছে। দুর্নীতির মামলায় সাবেক চেয়ারম্যানসহ সাতজনের বিরুদ্ধে অভিযোগপত্ দুর্নীতির মামলায় সাবেক চেয়ারম্যানসহ সাতজনের বিরুদ্ধে অভিযোগপত্র দাখিল করা হয়েছে। দুর্নীতি দমন কমিশন জানিয়েছে, তদন্তে অর্থ আত্মসাতের প্রমাণ পাওয়া গেছে। দুর্নীতির মামলায় সাবেক চেয়ারম্যানসহ সাতজনের বিরুদ্ধে অভিযোগপত্
বিদেশি শিল্পমাত্রা ১০০
বিদেশি বিনিয়োগ আকর্ষণে অর্থনৈতিক অঞ্চলগুলোতে নতুন সুবিধা ঘোষণা করা হয়েছে। বিনিয়োগকারীদের জন্য ওয়ান স্টপ সার্ভিস চালু রয়েছে। বিদেশি বিনিয়োগ আকর্ষণে অর্থনৈতিক অঞ্চলগুলোতে নতুন সুবিধা ঘোষণা করা হয়েছে। বিনিয়োগকারীদের জন্য ওয়ান স্টপ সার্ভিস চালু রয়েছে। বিদেশি বিনিয়োগ আকর্ষণে অর্থনৈতিক অঞ্চলগুলোতে নতুন সুবিধা ঘোষণা করা হয়েছে। বিনিয়োগকারীদের জন্য ওয়ান স্টপ সার্ভিস চালু রয়েছে। বিদেশি বিনিয়োগ আকর্ষণে অর্থনৈতিক অঞ্চলগুলোতে নতুন সুবিধা ঘোষণা করা হয়েছে। বিনিয়োগকারীদের বিদেশি বিনিয়োগ আকর্ষণে অর্থনৈতিক অঞ্চলগুলোতে নতুন সুবিধা ঘোষণা করা হয়েছে। বিনিয়োগকারীদের জন্য ওয়ান স্টপ সার্ভিস চালু রয়েছে। বিদেশি বিনিয়োগ আকর্ষণে অর্থনৈতিক অঞ্চলগুলোতে নতুন সুবিধা ঘোষণা করা হয়েছে। বিনিয়োগকারীদের বিদেশি বিনিয়োগ আকর্ষণে অর্থনৈতিক অঞ্চলগুলোতে নতুন সুবিধা ঘোষণা করা হয়েছে। বিনিয়োগকারীদের জন্য ওয়ান স্টপ সার্ভিস চালু রয়েছে। বিদেশি বিনিয়োগ আকর্ষণে অর্থনৈতিক অঞ্চলগুলোতে নতুন সুবিধা ঘোষণা করা হয়েছে। বিনিয়োগকারীদের বিদেশি বিনিয়োগ আকর্ষণে অর্থনৈতিক অঞ্চলগুলোতে নতুন সুবিধা ঘোষণা করা হয়েছে। বিনিয়োগকারীদের জন্য ওয়ান স্টপ সার্ভিস চালু রয়েছে। বিদেশি বিনিয়োগ আকর্ষণে অর্থনৈতিক অঞ্চলগুলোতে নতুন সুবিধা ঘোষণা করা হয়েছে। বিনিয়োগকারীদের বিদেশি বিনিয়োগ আকর্ষণে অর্থনৈতিক অঞ্চলগুলোতে নতুন সুবিধা ঘোষণা করা হয়েছে। বিনিয়োগকারীদের জন্য ওয়ান স্টপ সার্ভিস চালু রয়েছে। বিদেশি বিনিয়োগ আকর্ষণে অর্থনৈতিক অঞ্চলগুলোতে নতুন সুবিধা ঘোষণা করা হয়েছে। বিনিয়োগকারীদের বিদেশি বিনিয়োগ আকর্ষণে অর্থনৈতিক অঞ্চলগুলোতে নতুন সুবিধা ঘোষণা করা হয়েছে। বিনিয়োগকারীদের জন্য ওয়ান স্টপ সার্ভিস চালু রয়েছে। বিদেশি বিনিয়োগ আকর্ষণে অর্থনৈতিক অঞ্চলগুলোতে নতুন সুবিধা ঘোষণা করা হয়েছে। বিনিয়োগকারীদের
নির্বাচনে তিনশত দিন
নির্বাচন কমিশন ভোটার তালিকা হালনাগাদের কার্যক্রম শুরু করেছে। নতুন ভোটারদের নিবন্ধনে বিশেষ উদ্যোগ নেওয়া হয়েছে। নির্বাচন কমিশন ভোটার তালিকা হালনাগাদের কার্যক্রম শুরু করেছে। নতুন ভোটারদের নিবন্ধনে বিশেষ উদ্যোগ নেওয়া হয়েছে। নির্বাচন কমিশন ভোটার তালিকা হালনাগাদের কার্যক্রম শুরু করেছে। নতুন ভোটারদের নিবন্ধনে বিশেষ উদ্যোগ নেওয়া হয়েছে। নির্বাচন কমিশন ভোটার তালিকা হালনাগাদের কার্যক্রম শুরু করেছে। নতুন ভোটারদের নিবন্ধনে বিশেষ উদ্যোগ নেওয়া হয়ে নির্বাচন কমিশন ভোটার তালিকা হালনাগাদের কার্যক্রম শুরু করেছে। নতুন ভোটারদের নিবন্ধনে বিশেষ উদ্যোগ নেওয়া হয়েছে। নির্বাচন কমিশন ভোটার তালিকা হালনাগাদের কার্যক্রম শুরু করেছে। নতুন ভোটারদের নিবন্ধনে বিশেষ উদ্যোগ নেওয়া হয়ে নির্বাচন কমিশন ভোটার তালিকা হালনাগাদের কার্যক্রম শুরু করেছে। নতুন ভোটারদের নিবন্ধনে বিশেষ উদ্যোগ নেওয়া হয়েছে। নির্বাচন কমিশন ভোটার তালিকা হালনাগাদের কার্যক্রম শুরু করেছে। নতুন ভোটারদের নিবন্ধনে বিশেষ উদ্যোগ নেওয়া হয়ে নির্বাচন কমিশন ভোটার তালিকা হালনাগাদের কার্যক্রম শুরু করেছে। নতুন ভোটারদের নিবন্ধনে বিশেষ উদ্যোগ নেওয়া হয়েছে। নির্বাচন কমিশন ভোটার তালিকা হালনাগাদের কার্যক্রম শুরু করেছে। নতুন ভোটারদের নিবন্ধনে বিশেষ উদ্যোগ নেওয়া হয়ে নির্বাচন কমিশন ভোটার তালিকা হালনাগাদের কার্যক্রম শুরু করেছে। নতুন ভোটারদের নিবন্ধনে বিশেষ উদ্যোগ নেওয়া হয়েছে। নির্বাচন কমিশন ভোটার তালিকা হালনাগাদের কার্যক্রম শুরু করেছে। নতুন ভোটারদের নিবন্ধনে বিশেষ উদ্যোগ নেওয়া হয়ে নির্বাচন কমিশন ভোটার তালিকা হালনাগাদের কার্যক্রম শুরু করেছে। নতুন ভোটারদের নিবন্ধনে বিশেষ উদ্যোগ নেওয়া হয়েছে। নির্বাচন কমিশন ভোটার তালিকা হালনাগাদের কার্যক্রম শুরু করেছে। নতুন ভোটারদের নিবন্ধনে বিশেষ উদ্যোগ নেওয়া হয়ে
রোহিঙ্গা ও বিদেশিদের এনআইডি
রোহিঙ্গা ও বিদেশি নাগরিকদের জাতীয় পরিচয়পত্র পাওয়ার ঘটনায় তদন্ত শুরু হয়েছে। নির্বাচন কমিশন জানিয়েছে, যারা অবৈধভাবে এনআইডি নিয়েছে তাদের তথ্য যাচাই করে বাতিল করা হবে। এ কাজে জড়িত কর্মকর্তাদের বিরুদ্ধেও ব্যবস্থা নেওয়া হবে। কমিশনের সচিব বলেন, তথ্যভান্ডারের নিরাপত্তা জোরদার করা হয়েছে এবং নতুন নিবন্ধনে কঠোর যাচাই প্রক্রিয়া অনুসরণ করা হচ্ছে। স্থানীয় জনপ্রতিনিধিদের সহায়তায় কিছু রোহিঙ্গা এনআইডি সংগ্রহ করেছে বলে তদন্তে উঠে এসেছে। রোহিঙ্গা ও বিদেশি নাগরিকদের জাতীয় পরিচয়পত্র পাওয়ার ঘটনায় তদন্ত শুরু হয়েছে। নির্বাচন কমিশন জানিয়েছে, যারা অবৈধভাবে এনআইডি নিয়েছে তাদের তথ্য যাচাই করে বাতিল করা হবে। এ কাজে জড়িত কর্মকর্তাদের বিরুদ্ধেও ব্যবস্থা নেওয রোহিঙ্গা ও বিদেশি নাগরিকদের জাতীয় পরিচয়পত্র পাওয়ার ঘটনায় তদন্ত শুরু হয়েছে। নির্বাচন কমিশন জানিয়েছে, যারা অবৈধভাবে এনআইডি নিয়েছে তাদের তথ্য যাচাই করে বাতিল করা হবে। এ কাজে জড়িত কর্মকর্তাদের বিরুদ্ধেও ব্যবস্থা নেওয রোহিঙ্গা ও বিদেশি নাগরিকদের জাতীয় পরিচয়পত্র পাওয়ার ঘটনায় তদন্ত শুরু হয়েছে। নির্বাচন কমিশন জানিয়েছে, যারা অবৈধভাবে এনআইডি নিয়েছে তাদের তথ্য যাচাই করে বাতিল করা হবে। এ কাজে জড়িত কর্মকর্তাদের বিরুদ্ধেও ব্যবস্থা নেওয রোহিঙ্গা ও বিদেশি নাগরিকদের জাতীয় পরিচয়পত্র পাওয়ার ঘটনায় তদন্ত শুরু হয়েছে। নির্বাচন কমিশন জানিয়েছে, যারা অবৈধভাবে এনআইডি নিয়েছে তাদের তথ্য যাচাই করে বাতিল করা হবে। এ কাজে জড়িত কর্মকর্তাদের বিরুদ্ধেও ব্যবস্থা নেওয রোহিঙ্গা ও বিদেশি নাগরিকদের জাতীয় পরিচয়পত্র পাওয়ার ঘটনায় তদন্ত শুরু হয়েছে। নির্বাচন কমিশন জানিয়েছে, যারা অবৈধভাবে এনআইডি নিয়েছে তাদের তথ্য যাচাই করে বাতিল করা হবে। এ কাজে জড়িত কর্মকর্তাদের বিরুদ্ধেও ব্যবস্থা নেওয রোহিঙ্গা ও বিদেশি নাগরিকদের জাতীয় পরিচয়পত্র পাওয়ার ঘটনায় তদন্ত শুরু হয়েছে। নির্বাচন কমিশন জানিয়েছে, যারা অবৈধভাবে এনআইডি নিয়েছে তাদের তথ্য যাচাই করে বাতিল করা হবে। এ কাজে জড়িত কর্মকর্তাদের বিরুদ্ধেও ব্যবস্থা নেওয রোহিঙ্গা ও বিদেশি নাগরিকদের জাতীয় পরিচয়পত্র পাওয়ার ঘটনায় তদন্ত শুরু হয়েছে। নির্বাচন কমিশন জানিয়েছে, যারা অবৈধভাবে এনআইডি নিয়েছে তাদের তথ্য যাচাই করে বাতিল করা হবে। এ কাজে জড়িত কর্মকর্তাদের বিরুদ্ধেও ব্যবস্থা নেওয রোহিঙ্গা ও বিদেশি নাগরিকদের জাতীয় পরিচয়পত্র পাওয়ার ঘটনায় তদন্ত শুরু হয়েছে। নির্বাচন কমিশন জানিয়েছে, যারা অবৈধভাবে এনআইডি নিয়েছে তাদের তথ্য যাচাই করে বাতিল করা হবে। এ কাজে জড়িত কর্মকর্তাদের বিরুদ্ধেও ব্যবস্থা নেওয রোহিঙ্গা ও বিদেশি নাগরিকদের জাতীয় পরিচয়পত্র পাওয়ার ঘটনায় তদন্ত শুরু হয়েছে। নির্বাচন কমিশন জানিয়েছে, যারা অবৈধভাবে এনআইডি নিয়েছে তাদের তথ্য যাচাই করে বাতিল করা হবে। এ কাজে জড়িত কর্মকর্তাদের বিরুদ্ধেও ব্যবস্থা নেওয রোহিঙ্গা ও বিদেশি নাগরিকদের জাতীয় পরিচয়পত্র পাওয়ার ঘটনায় তদন্ত শুরু হয়েছে। নির্বাচন কমিশন জানিয়েছে, যারা অবৈধভাবে এনআইডি নিয়েছে তাদের তথ্য যাচাই করে বাতিল করা হবে। এ কাজে জড়িত কর্মকর্তাদের বিরুদ্ধেও ব্যবস্থা নেওয রোহিঙ্গা ও বিদেশি নাগরিকদের জাতীয় পরিচয়পত্র পাওয়ার ঘটনায় তদন্ত শুরু হয়েছে। নির্বাচন কমিশন জানিয়েছে, যারা অবৈধভাবে এনআইডি নিয়েছে তাদের তথ্য যাচাই করে বাতিল করা হবে। এ কাজে জড়িত কর্মকর্তাদের বিরুদ্ধেও ব্যবস্থা নেওয রোহিঙ্গা ও বিদেশি নাগরিকদের জাতীয় পরিচয়পত্র পাওয়ার ঘটনায় তদন্ত শুরু হয়েছে। নির্বাচন কমিশন জানিয়েছে, যারা অবৈধভাবে এনআইডি নিয়েছে তাদের তথ্য যাচাই করে বাতিল করা হবে। এ কাজে জড়িত কর্মকর্তাদের বিরুদ্ধেও ব্যবস্থা নেওয রোহিঙ্গা ও বিদেশি নাগরিকদের জাতীয় পরিচয়পত্র পাওয়ার ঘটনায় তদন্ত শুরু হয়েছে। নির্বাচন কমিশন জানিয়েছে, যারা অবৈধভাবে এনআইডি নিয়েছে তাদের তথ্য যাচাই করে বাতিল করা হবে। এ কাজে জড়িত কর্মকর্তাদের বিরুদ্ধেও ব্যবস্থা নেওয
ভোক্তারা শাস্তির মুখোমুখি
ভোক্তা অধিকার সংরক্ষণ অধিদপ্তর বাজারে অভিযান চালিয়ে বিভিন্ন প্রতিষ্ঠানকে জরিমানা করেছে। মেয়াদোত্তীর্ণ পণ্য বিক্রি ও অতিরিক্ত দাম নেওয়ার অভিযোগে এসব ব্যবস্থা নেওয়া হয়। অধিদপ্তর জানিয়েছে, ভোক্তাদের অধিকার রক্ষায় নিয়মিত অভিযান অব্যাহত থাকবে। ভোক্তারা কোনো অনিয়ম দেখলে হটলাইনে অভিযোগ জানাতে পারবেন। ভোক্তা অধিকার সংরক্ষণ অধিদপ্তর বাজারে অভিযান চালিয়ে বিভিন্ন প্রতিষ্ঠানকে জরিমানা করেছে। মেয়াদোত্তীর্ণ পণ্য বিক্রি ও অতিরিক্ত দাম নেওয়ার অভিযোগে এসব ব্যবস্থা নেওয়া হয়। অধিদপ্তর জানিয়েছে, ভোক্তাদের অধিকার রক্ষায় নিয ভোক্তা অধিকার সংরক্ষণ অধিদপ্তর বাজারে অভিযান চালিয়ে বিভিন্ন প্রতিষ্ঠানকে জরিমানা করেছে। মেয়াদোত্তীর্ণ পণ্য বিক্রি ও অতিরিক্ত দাম নেওয়ার অভিযোগে এসব ব্যবস্থা নেওয়া হয়। অধিদপ্তর জানিয়েছে, ভোক্তাদের অধিকার রক্ষায় নিয ভোক্তা অধিকার সংরক্ষণ অধিদপ্তর বাজারে অভিযান চালিয়ে বিভিন্ন প্রতিষ্ঠানকে জরিমানা করেছে। মেয়াদোত্তীর্ণ পণ্য বিক্রি ও অতিরিক্ত দাম নেওয়ার অভিযোগে এসব ব্যবস্থা নেওয়া হয়। অধিদপ্তর জানিয়েছে, ভোক্তাদের অধিকার রক্ষায় নিয ভোক্তা অধিকার সংরক্ষণ অধিদপ্তর বাজারে অভিযান চালিয়ে বিভিন্ন প্রতিষ্ঠানকে জরিমানা করেছে। মেয়াদোত্তীর্ণ পণ্য বিক্রি ও অতিরিক্ত দাম নেওয়ার অভিযোগে এসব ব্যবস্থা নেওয়া হয়। অধিদপ্তর জানিয়েছে, ভোক্তাদের অধিকার রক্ষায় নিয ভোক্তা অধিকার সংরক্ষণ অধিদপ্তর বাজারে অভিযান চালিয়ে বিভিন্ন প্রতিষ্ঠানকে জরিমানা করেছে। মেয়াদোত্তীর্ণ পণ্য বিক্রি ও অতিরিক্ত দাম নেওয়ার অভিযোগে এসব ব্যবস্থা নেওয়া হয়। অধিদপ্তর জানিয়েছে, ভোক্তাদের অধিকার রক্ষায় নিয ভোক্তা অধিকার সংরক্ষণ অধিদপ্তর বাজারে অভিযান চালিয়ে বিভিন্ন প্রতিষ্ঠানকে জরিমানা করেছে। মেয়াদোত্তীর্ণ পণ্য বিক্রি ও অতিরিক্ত দাম নেওয়ার অভিযোগে এসব ব্যবস্থা নেওয়া হয়। অধিদপ্তর জানিয়েছে, ভোক্তাদের অধিকার রক্ষায় নিয ভোক্তা অধিকার সংরক্ষণ অধিদপ্তর বাজারে অভিযান চালিয়ে বিভিন্ন প্রতিষ্ঠানকে জরিমানা করেছে। মেয়াদোত্তীর্ণ পণ্য বিক্রি ও অতিরিক্ত দাম নেওয়ার অভিযোগে এসব ব্যবস্থা নেওয়া হয়। অধিদপ্তর জানিয়েছে, ভোক্তাদের অধিকার রক্ষায় নিয ভোক্তা অধিকার সংরক্ষণ অধিদপ্তর বাজারে অভিযান চালিয়ে বিভিন্ন প্রতিষ্ঠানকে জরিমানা করেছে। মেয়াদোত্তীর্ণ পণ্য বিক্রি ও অতিরিক্ত দাম নেওয়ার অভিযোগে এসব ব্যবস্থা নেওয়া হয়। অধিদপ্তর জানিয়েছে, ভোক্তাদের অধিকার রক্ষায় নিয ভোক্তা অধিকার সংরক্ষণ অধিদপ্তর বাজারে অভিযান চালিয়ে বিভিন্ন প্রতিষ্ঠানকে জরিমানা করেছে। মেয়াদোত্তীর্ণ পণ্য বিক্রি ও অতিরিক্ত দাম নেওয়ার অভিযোগে এসব ব্যবস্থা নেওয়া হয়। অধিদপ্তর জানিয়েছে, ভোক্তাদের অধিকার রক্ষায় নিয ভোক্তা অধিকার সংরক্ষণ অধিদপ্তর বাজারে অভিযান চালিয়ে বিভিন্ন প্রতিষ্ঠানকে জরিমানা করেছে। মেয়াদোত্তীর্ণ পণ্য বিক্রি ও অতিরিক্ত দাম নেওয়ার অভিযোগে এসব ব্যবস্থা নেওয়া হয়। অধিদপ্তর জানিয়েছে, ভোক্তাদের অধিকার রক্ষায় নিয ভোক্তা অধিকার সংরক্ষণ অধিদপ্তর বাজারে অভিযান চালিয়ে বিভিন্ন প্রতিষ্ঠানকে জরিমানা করেছে। মেয়াদোত্তীর্ণ পণ্য বিক্রি ও অতিরিক্ত দাম নেওয়ার অভিযোগে এসব ব্যবস্থা নেওয়া হয়। অধিদপ্তর জানিয়েছে, ভোক্তাদের অধিকার রক্ষায় নিয ভোক্তা অধিকার সংরক্ষণ অধিদপ্তর বাজারে অভিযান চালিয়ে বিভিন্ন প্রতিষ্ঠানকে জরিমানা করেছে। মেয়াদোত্তীর্ণ পণ্য বিক্রি ও অতিরিক্ত দাম নেওয়ার অভিযোগে এসব ব্যবস্থা নেওয়া হয়। অধিদপ্তর জানিয়েছে, ভোক্তাদের অধিকার রক্ষায় নিয ভোক্তা অধিকার সংরক্ষণ অধিদপ্তর বাজারে অভিযান চালিয়ে বিভিন্ন প্রতিষ্ঠানকে জরিমানা করেছে। মেয়াদোত্তীর্ণ পণ্য বিক্রি ও অতিরিক্ত দাম নেওয়ার অভিযোগে এসব ব্যবস্থা নেওয়া হয়। অধিদপ্তর জানিয়েছে, ভোক্তাদের অধিকার রক্ষায় নিয
রাঁধি গরুর বিক্রিবাটোয়ারা
কোরবানির ঈদকে সামনে রেখে পশুর হাট বসানোর প্রস্তুতি চলছে। খামারিরা জানিয়েছেন, এবার পর্যাপ্ত পশু রয়েছে এবং দাম সহনীয় থাকবে। হাটগুলোতে স্বাস্থ্যবিধি মানার নির্দেশনা দেওয়া হয়েছে। কোরবানির ঈদকে সামনে রেখে পশুর হাট বসানোর প্রস্তুতি চলছে। খামারিরা জানিয়েছেন, এবার পর্যাপ্ত পশু রয়েছে এবং দাম সহনীয় থাকবে। হাটগুলোতে স্বাস্থ্যবিধি মানার নির্দেশনা দেওয়া হয়েছে। কোরবানির ঈদকে সামনে রেখে পশুর হাট বসানোর প্রস্তুতি চলছে। খামারিরা জানিয়েছেন, এবার পর্যাপ্ত পশু রয়েছে এবং দাম সহনীয় থাকবে। হাটগুলোতে স্বাস্থ্যবিধি মানার নির্দেশনা দেওয়া হয়েছে। কোরবানির ঈদকে সামনে রেখে পশুর হাট বসানোর কোরবানির ঈদকে সামনে রেখে পশুর হাট বসানোর প্রস্তুতি চলছে। খামারিরা জানিয়েছেন, এবার পর্যাপ্ত পশু রয়েছে এবং দাম সহনীয় থাকবে। হাটগুলোতে স্বাস্থ্যবিধি মানার নির্দেশনা দেওয়া হয়েছে। কোরবানির ঈদকে সামনে রেখে পশুর হাট বসানোর কোরবানির ঈদকে সামনে রেখে পশুর হাট বসানোর প্রস্তুতি চলছে। খামারিরা জানিয়েছেন, এবার পর্যাপ্ত পশু রয়েছে এবং দাম সহনীয় থাকবে। হাটগুলোতে স্বাস্থ্যবিধি মানার নির্দেশনা দেওয়া হয়েছে। কোরবানির ঈদকে সামনে রেখে পশুর হাট বসানোর কোরবানির ঈদকে সামনে রেখে পশুর হাট বসানোর প্রস্তুতি চলছে। খামারিরা জানিয়েছেন, এবার পর্যাপ্ত পশু রয়েছে এবং দাম সহনীয় থাকবে। হাটগুলোতে স্বাস্থ্যবিধি মানার নির্দেশনা দেওয়া হয়েছে। কোরবানির ঈদকে সামনে রেখে পশুর হাট বসানোর কোরবানির ঈদকে সামনে রেখে পশুর হাট বসানোর প্রস্তুতি চলছে। খামারিরা জানিয়েছেন, এবার পর্যাপ্ত পশু রয়েছে এবং দাম সহনীয় থাকবে। হাটগুলোতে স্বাস্থ্যবিধি মানার নির্দেশনা দেওয়া হয়েছে। কোরবানির ঈদকে সামনে রেখে পশুর হাট বসানোর কোরবানির ঈদকে সামনে রেখে পশুর হাট বসানোর প্রস্তুতি চলছে। খামারিরা জানিয়েছেন, এবার পর্যাপ্ত পশু রয়েছে এবং দাম সহনীয় থাকবে। হাটগুলোতে স্বাস্থ্যবিধি মানার নির্দেশনা দেওয়া হয়েছে। কোরবানির ঈদকে সামনে রেখে পশুর হাট বসানোর কোরবানির ঈদকে সামনে রেখে পশুর হাট বসানোর প্রস্তুতি চলছে। খামারিরা জানিয়েছেন, এবার পর্যাপ্ত পশু রয়েছে এবং দাম সহনীয় থাকবে। হাটগুলোতে স্বাস্থ্যবিধি মানার নির্দেশনা দেওয়া হয়েছে। কোরবানির ঈদকে সামনে রেখে পশুর হাট বসানোর কোরবানির ঈদকে সামনে রেখে পশুর হাট বসানোর প্রস্তুতি চলছে। খামারিরা জানিয়েছেন, এবার পর্যাপ্ত পশু রয়েছে এবং দাম সহনীয় থাকবে। হাটগুলোতে স্বাস্থ্যবিধি মানার নির্দেশনা দেওয়া হয়েছে। কোরবানির ঈদকে সামনে রেখে পশুর হাট বসানোর কোরবানির ঈদকে সামনে রেখে পশুর হাট বসানোর প্রস্তুতি চলছে। খামারিরা জানিয়েছেন, এবার পর্যাপ্ত পশু রয়েছে এবং দাম সহনীয় থাকবে। হাটগুলোতে স্বাস্থ্যবিধি মানার নির্দেশনা দেওয়া হয়েছে। কোরবানির ঈদকে সামনে রেখে পশুর হাট বসানোর কোরবানির ঈদকে সামনে রেখে পশুর হাট বসানোর প্রস্তুতি চলছে। খামারিরা জানিয়েছেন, এবার পর্যাপ্ত পশু রয়েছে এবং দাম সহনীয় থাকবে। হাটগুলোতে স্বাস্থ্যবিধি মানার নির্দেশনা দেওয়া হয়েছে। কোরবানির ঈদকে সামনে রেখে পশুর হাট বসানোর কোরবানির ঈদকে সামনে রেখে পশুর হাট বসানোর প্রস্তুতি চলছে। খামারিরা জানিয়েছেন, এবার পর্যাপ্ত পশু রয়েছে এবং দাম সহনীয় থাকবে। হাটগুলোতে স্বাস্থ্যবিধি মানার নির্দেশনা দেওয়া হয়েছে। কোরবানির ঈদকে সামনে রেখে পশুর হাট বসানোর কোরবানির ঈদকে সামনে রেখে পশুর হাট বসানোর প্রস্তুতি চলছে। খামারিরা জানিয়েছেন, এবার পর্যাপ্ত পশু রয়েছে এবং দাম সহনীয় থাকবে। হাটগুলোতে স্বাস্থ্যবিধি মানার নির্দেশনা দেওয়া হয়েছে। কোরবানির ঈদকে সামনে রেখে পশুর হাট বসানোর
রায়ে নাসার চুক্তি বাতিল
আদালতের রায়ে বিতর্কিত চুক্তি বাতিল ঘোষণা করা হয়েছে। রায়ে বলা হয়, চুক্তিটি যথাযথ প্রক্রিয়া অনুসরণ না করে সম্পাদিত হয়েছিল। সংশ্লিষ্ট পক্ষ উচ্চ আদালতে আপিল করার কথা জানিয়েছে। আইনজীবীরা বলছেন, এই রায় ভবিষ্যতে সরকারি চুক্তি সম্পাদনে গুরুত্বপূর্ণ দৃষ্টান্ত হয়ে থাকবে। আদালতের রায়ে বিতর্কিত চুক্তি বাতিল ঘোষণা করা হয়েছে। রায়ে বলা হয়, চুক্তিটি যথাযথ প্রক্রিয়া অনুসরণ না করে সম্পাদিত হয়েছিল। সংশ্লিষ্ট পক্ষ উচ্চ আদালতে আপিল করার কথা জানিয়েছে। আইনজীবীরা বলছেন, এই রায় ভবিষ্যতে সরকারি আদালতের রায়ে বিতর্কিত চুক্তি বাতিল ঘোষণা করা হয়েছে। রায়ে বলা হয়, চুক্তিটি যথাযথ প্রক্রিয়া অনুসরণ না করে সম্পাদিত হয়েছিল। সংশ্লিষ্ট পক্ষ উচ্চ আদালতে আপিল করার কথা জানিয়েছে। আইনজীবীরা বলছেন, এই রায় ভবিষ্যতে সরকারি আদালতের রায়ে বিতর্কিত চুক্তি বাতিল ঘোষণা করা হয়েছে। রায়ে বলা হয়, চুক্তিটি যথাযথ প্রক্রিয়া অনুসরণ না করে সম্পাদিত হয়েছিল। সংশ্লিষ্ট পক্ষ উচ্চ আদালতে আপিল করার কথা জানিয়েছে। আইনজীবীরা বলছেন, এই রায় ভবিষ্যতে সরকারি আদালতের রায়ে বিতর্কিত চুক্তি বাতিল ঘোষণা করা হয়েছে। রায়ে বলা হয়, চুক্তিটি যথাযথ প্রক্রিয়া অনুসরণ না করে সম্পাদিত হয়েছিল। সংশ্লিষ্ট পক্ষ উচ্চ আদালতে আপিল করার কথা জানিয়েছে। আইনজীবীরা বলছেন, এই রায় ভবিষ্যতে সরকারি আদালতের রায়ে বিতর্কিত চুক্তি বাতিল ঘোষণা করা হয়েছে। রায়ে বলা হয়, চুক্তিটি যথাযথ প্রক্রিয়া অনুসরণ না করে সম্পাদিত হয়েছিল। সংশ্লিষ্ট পক্ষ উচ্চ আদালতে আপিল করার কথা জানিয়েছে। আইনজীবীরা বলছেন, এই রায় ভবিষ্যতে সরকারি আদালতের রায়ে বিতর্কিত চুক্তি বাতিল ঘোষণা করা হয়েছে। রায়ে বলা হয়, চুক্তিটি যথাযথ প্রক্রিয়া অনুসরণ না করে সম্পাদিত হয়েছিল। সংশ্লিষ্ট পক্ষ উচ্চ আদালতে আপিল করার কথা জানিয়েছে। আইনজীবীরা বলছেন, এই রায় ভবিষ্যতে সরকারি আদালতের রায়ে বিতর্কিত চুক্তি বাতিল ঘোষণা করা হয়েছে। রায়ে বলা হয়, চুক্তিটি যথাযথ প্রক্রিয়া অনুসরণ না করে সম্পাদিত হয়েছিল। সংশ্লিষ্ট পক্ষ উচ্চ আদালতে আপিল করার কথা জানিয়েছে। আইনজীবীরা বলছেন, এই রায় ভবিষ্যতে সরকারি আদালতের রায়ে বিতর্কিত চুক্তি বাতিল ঘোষণা করা হয়েছে। রায়ে বলা হয়, চুক্তিটি যথাযথ প্রক্রিয়া অনুসরণ না করে সম্পাদিত হয়েছিল। সংশ্লিষ্ট পক্ষ উচ্চ আদালতে আপিল করার কথা জানিয়েছে। আইনজীবীরা বলছেন, এই রায় ভবিষ্যতে সরকারি আদালতের রায়ে বিতর্কিত চুক্তি বাতিল ঘোষণা করা হয়েছে। রায়ে বলা হয়, চুক্তিটি যথাযথ প্রক্রিয়া অনুসরণ না করে সম্পাদিত হয়েছিল। সংশ্লিষ্ট পক্ষ উচ্চ আদালতে আপিল করার কথা জানিয়েছে। আইনজীবীরা বলছেন, এই রায় ভবিষ্যতে সরকারি আদালতের রায়ে বিতর্কিত চুক্তি বাতিল ঘোষণা করা হয়েছে। রায়ে বলা হয়, চুক্তিটি যথাযথ প্রক্রিয়া অনুসরণ না করে সম্পাদিত হয়েছিল। সংশ্লিষ্ট পক্ষ উচ্চ আদালতে আপিল করার কথা জানিয়েছে। আইনজীবীরা বলছেন, এই রায় ভবিষ্যতে সরকারি আদালতের রায়ে বিতর্কিত চুক্তি বাতিল ঘোষণা করা হয়েছে। রায়ে বলা হয়, চুক্তিটি যথাযথ প্রক্রিয়া অনুসরণ না করে সম্পাদিত হয়েছিল। সংশ্লিষ্ট পক্ষ উচ্চ আদালতে আপিল করার কথা জানিয়েছে। আইনজীবীরা বলছেন, এই রায় ভবিষ্যতে সরকারি আদালতের রায়ে বিতর্কিত চুক্তি বাতিল ঘোষণা করা হয়েছে। রায়ে বলা হয়, চুক্তিটি যথাযথ প্রক্রিয়া অনুসরণ না করে সম্পাদিত হয়েছিল। সংশ্লিষ্ট পক্ষ উচ্চ আদালতে আপিল করার কথা জানিয়েছে। আইনজীবীরা বলছেন, এই রায় ভবিষ্যতে সরকারি
